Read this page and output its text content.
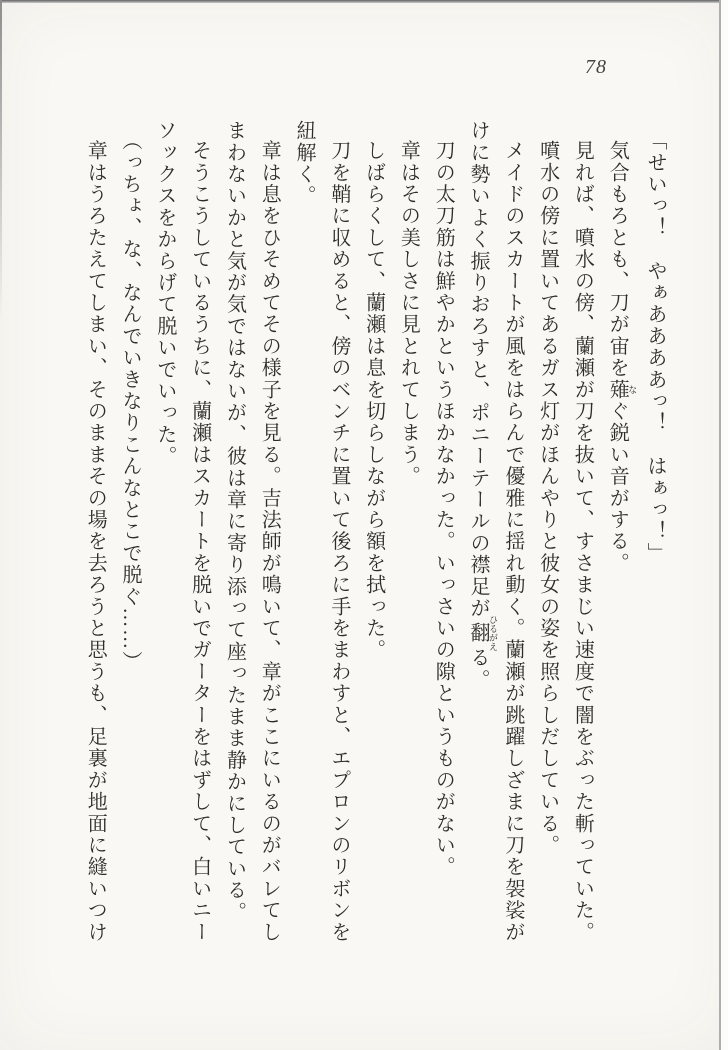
78

「せいっ！　やぁああああっ！　はぁっ！」

気合もろとも、刀が宙を薙 なぐ鋭い音がする。

見れば、噴水の傍、蘭瀬が刀を抜いて、すさまじい速度で闇をぶった斬っていた。

噴水の傍に置いてあるガス灯がほんやりと彼女の姿を照らしだしている。

メイドのスカートが風をはらんで優雅に揺れ動く。蘭瀬が跳躍しざまに刀を袈裟がけに勢いよく振りおろすと、ポニーテールの襟足が翻 ひるがえる。

刀の太刀筋は鮮やかというほかなかった。いっさいの隙というものがない。

章はその美しさに見とれてしまう。

しばらくして、蘭瀬は息を切らしながら額を拭った。

刀を鞘に収めると、傍のベンチに置いて後ろに手をまわすと、エプロンのリボンを紐解く。

章は息をひそめてその様子を見る。吉法師が鳴いて、章がここにいるのがバレてしまわないかと気が気ではないが、彼は章に寄り添って座ったまま静かにしている。

そうこうしているうちに、蘭瀬はスカートを脱いでガーターをはずして、白いニーソックスをからげて脱いでいった。

（っちょ、な、なんでいきなりこんなとこで脱ぐ……）

章はうろたえてしまい、そのままその場を去ろうと思うも、足裏が地面に縫いつけ
